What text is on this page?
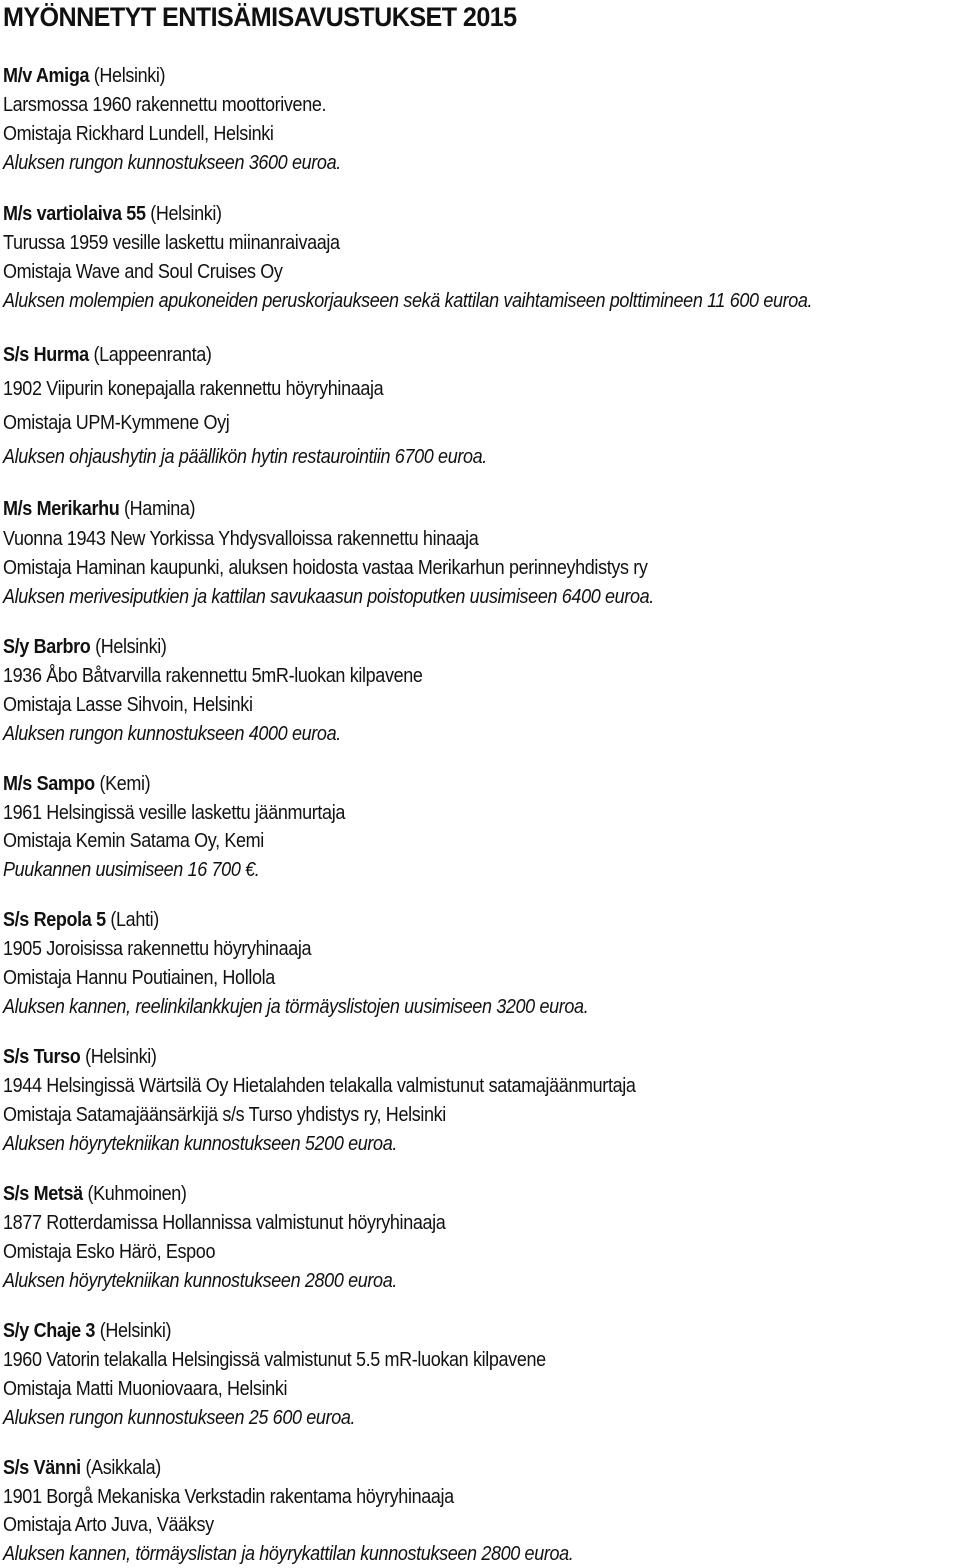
MYÖNNETYT ENTISÄMISAVUSTUKSET 2015
M/v Amiga (Helsinki)
Larsmossa 1960 rakennettu moottorivene.
Omistaja Rickhard Lundell, Helsinki
Aluksen rungon kunnostukseen 3600 euroa.
M/s vartiolaiva 55 (Helsinki)
Turussa 1959 vesille laskettu miinanraivaaja
Omistaja Wave and Soul Cruises Oy
Aluksen molempien apukoneiden peruskorjaukseen sekä kattilan vaihtamiseen polttimineen 11 600 euroa.
S/s Hurma (Lappeenranta)
1902 Viipurin konepajalla rakennettu höyryhinaaja
Omistaja UPM-Kymmene Oyj
Aluksen ohjaushytin ja päällikön hytin restaurointiin 6700 euroa.
M/s Merikarhu (Hamina)
Vuonna 1943 New Yorkissa Yhdysvalloissa rakennettu hinaaja
Omistaja Haminan kaupunki, aluksen hoidosta vastaa Merikarhun perinneyhdistys ry
Aluksen merivesiputkien ja kattilan savukaasun poistoputken uusimiseen 6400 euroa.
S/y Barbro (Helsinki)
1936 Åbo Båtvarvilla rakennettu 5mR-luokan kilpavene
Omistaja Lasse Sihvoin, Helsinki
Aluksen rungon kunnostukseen 4000 euroa.
M/s Sampo (Kemi)
1961 Helsingissä vesille laskettu jäänmurtaja
Omistaja Kemin Satama Oy, Kemi
Puukannen uusimiseen 16 700 €.
S/s Repola 5 (Lahti)
1905 Joroisissa rakennettu höyryhinaaja
Omistaja Hannu Poutiainen, Hollola
Aluksen kannen, reelinkilankkujen ja törmäyslistojen uusimiseen 3200 euroa.
S/s Turso (Helsinki)
1944 Helsingissä Wärtsilä Oy Hietalahden telakalla valmistunut satamajäänmurtaja
Omistaja Satamajäänsärkijä s/s Turso yhdistys ry, Helsinki
Aluksen höyrytekniikan kunnostukseen 5200 euroa.
S/s Metsä (Kuhmoinen)
1877 Rotterdamissa Hollannissa valmistunut höyryhinaaja
Omistaja Esko Härö, Espoo
Aluksen höyrytekniikan kunnostukseen 2800 euroa.
S/y Chaje 3 (Helsinki)
1960 Vatorin telakalla Helsingissä valmistunut 5.5 mR-luokan kilpavene
Omistaja Matti Muoniovaara, Helsinki
Aluksen rungon kunnostukseen 25 600 euroa.
S/s Vänni (Asikkala)
1901 Borgå Mekaniska Verkstadin rakentama höyryhinaaja
Omistaja Arto Juva, Vääksy
Aluksen kannen, törmäyslistan ja höyrykattilan kunnostukseen 2800 euroa.
